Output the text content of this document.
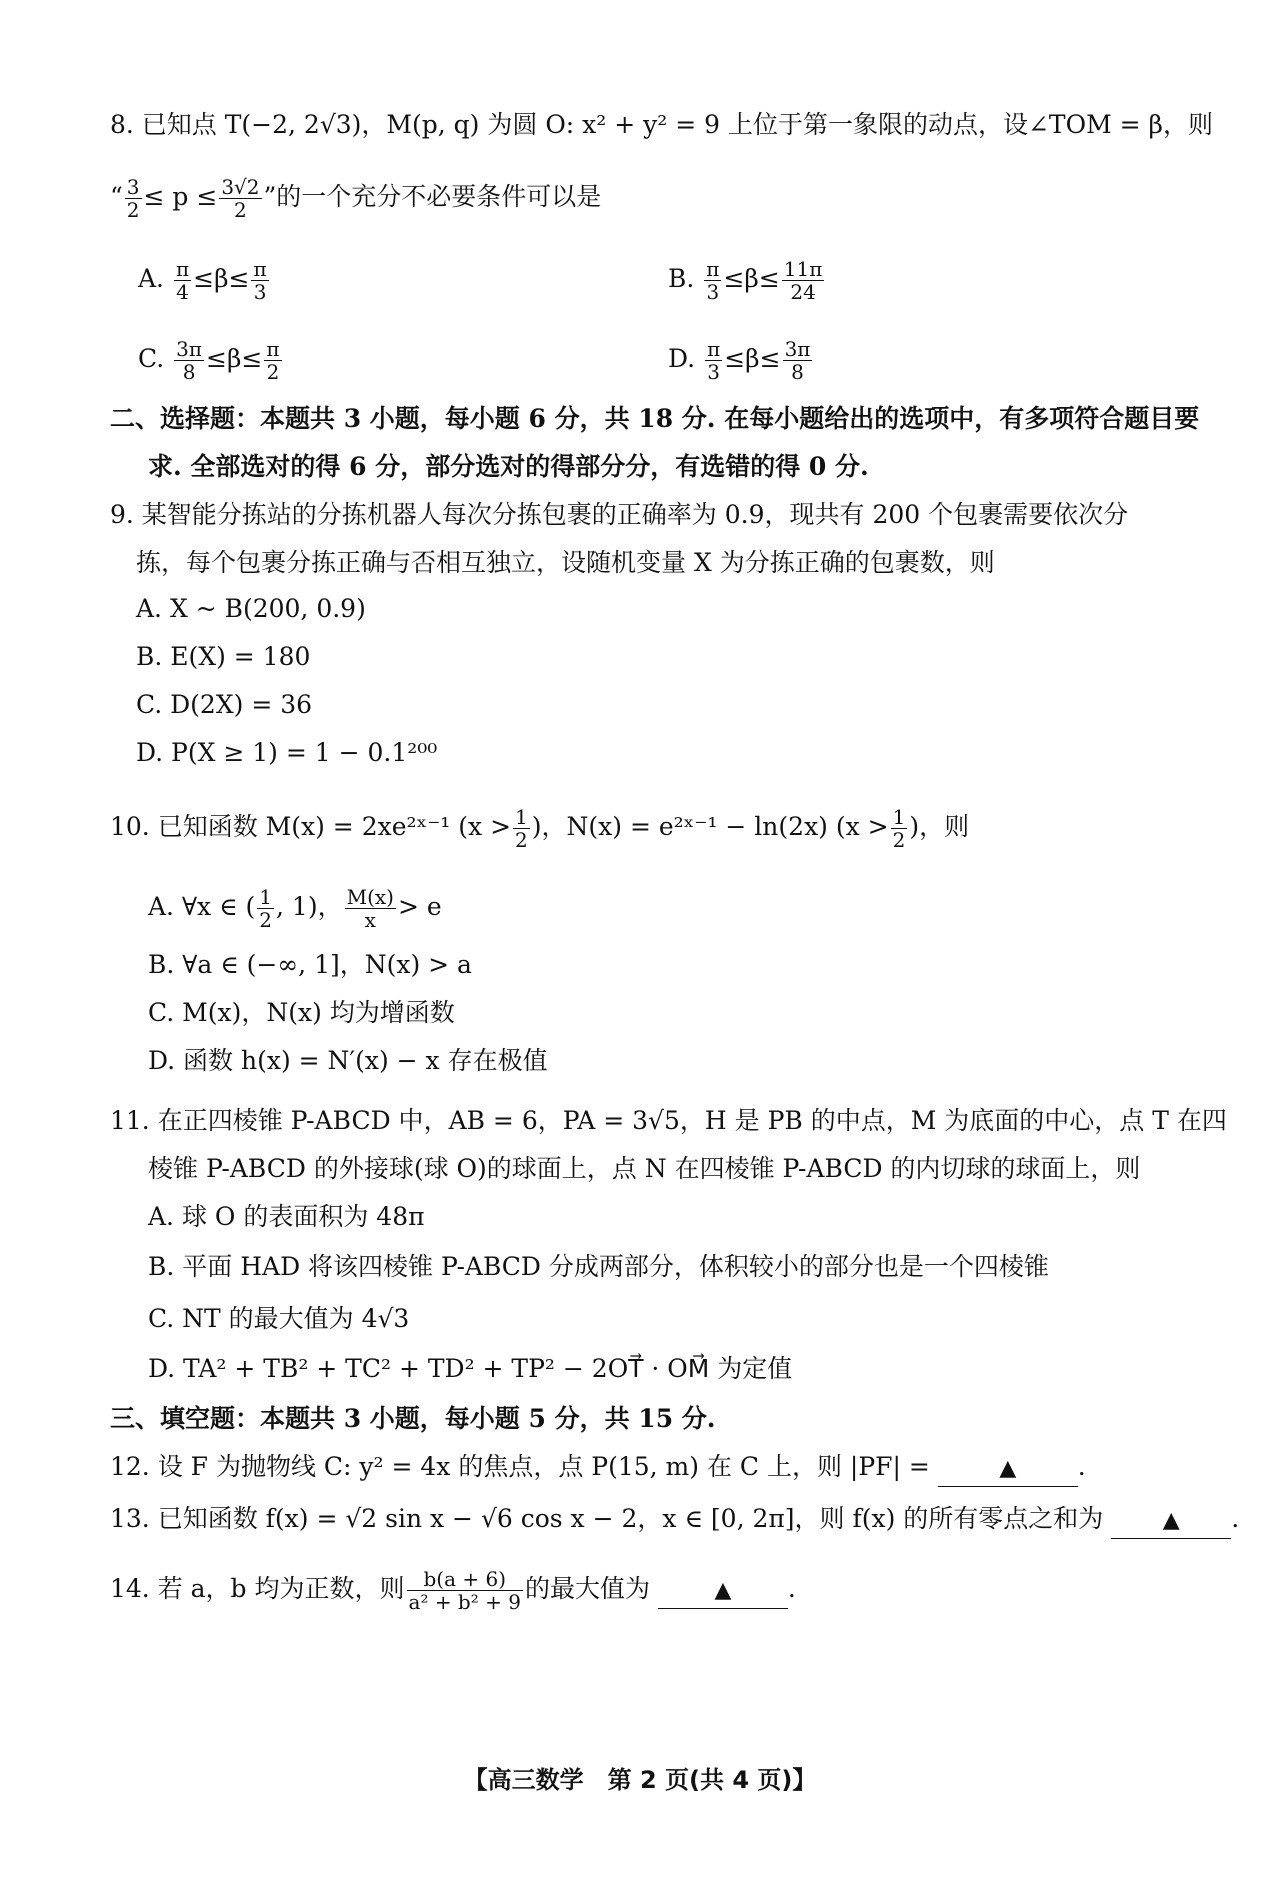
8. 已知点 T(−2, 2√3)，M(p, q) 为圆 O: x² + y² = 9 上位于第一象限的动点，设∠TOM = β，则
“ $\frac{3}{2} \le p \le \frac{3√2}{2}$ ”的一个充分不必要条件可以是
A. $\frac{\pi}{4} \le\beta\le \frac{\pi}{3}$	B. $\frac{\pi}{3} \le\beta\le \frac{11\pi}{24}$
C. $\frac{3\pi}{8} \le\beta\le \frac{\pi}{2}$	D. $\frac{\pi}{3} \le\beta\le \frac{3\pi}{8}$
二、选择题：本题共 3 小题，每小题 6 分，共 18 分. 在每小题给出的选项中，有多项符合题目要
求. 全部选对的得 6 分，部分选对的得部分分，有选错的得 0 分.
9. 某智能分拣站的分拣机器人每次分拣包裹的正确率为 0.9，现共有 200 个包裹需要依次分
拣，每个包裹分拣正确与否相互独立，设随机变量 X 为分拣正确的包裹数，则
A. X ~ B(200, 0.9)
B. E(X) = 180
C. D(2X) = 36
D. P(X ≥ 1) = 1 − 0.1²⁰⁰
10. 已知函数 M(x) = 2xe²ˣ⁻¹ ($x > \frac{1}{2}$ )，N(x) = e²ˣ⁻¹ − ln(2x) ($x > \frac{1}{2}$ )，则
A. ∀x ∈ ( $\frac{1}{2}$ , 1)， $\frac{M(x)}{x} > e$
B. ∀a ∈ (−∞, 1]，N(x) > a
C. M(x)，N(x) 均为增函数
D. 函数 h(x) = N′(x) − x 存在极值
11. 在正四棱锥 P-ABCD 中，AB = 6，PA = 3√5，H 是 PB 的中点，M 为底面的中心，点 T 在四
棱锥 P-ABCD 的外接球(球 O)的球面上，点 N 在四棱锥 P-ABCD 的内切球的球面上，则
A. 球 O 的表面积为 48π
B. 平面 HAD 将该四棱锥 P-ABCD 分成两部分，体积较小的部分也是一个四棱锥
C. NT 的最大值为 4√3
D. TA² + TB² + TC² + TD² + TP² − 2OT⃗ · OM⃗ 为定值
三、填空题：本题共 3 小题，每小题 5 分，共 15 分.
12. 设 F 为抛物线 C: y² = 4x 的焦点，点 P(15, m) 在 C 上，则 |PF| =	▲ .
13. 已知函数 f(x) = √2 sin x − √6 cos x − 2，x ∈ [0, 2π]，则 f(x) 的所有零点之和为	▲ .
14. 若 a，b 均为正数，则 $\frac{b(a + 6)}{\text{a² + b² + 9}}$ 的最大值为	▲ .
【高三数学　第 2 页(共 4 页)】
